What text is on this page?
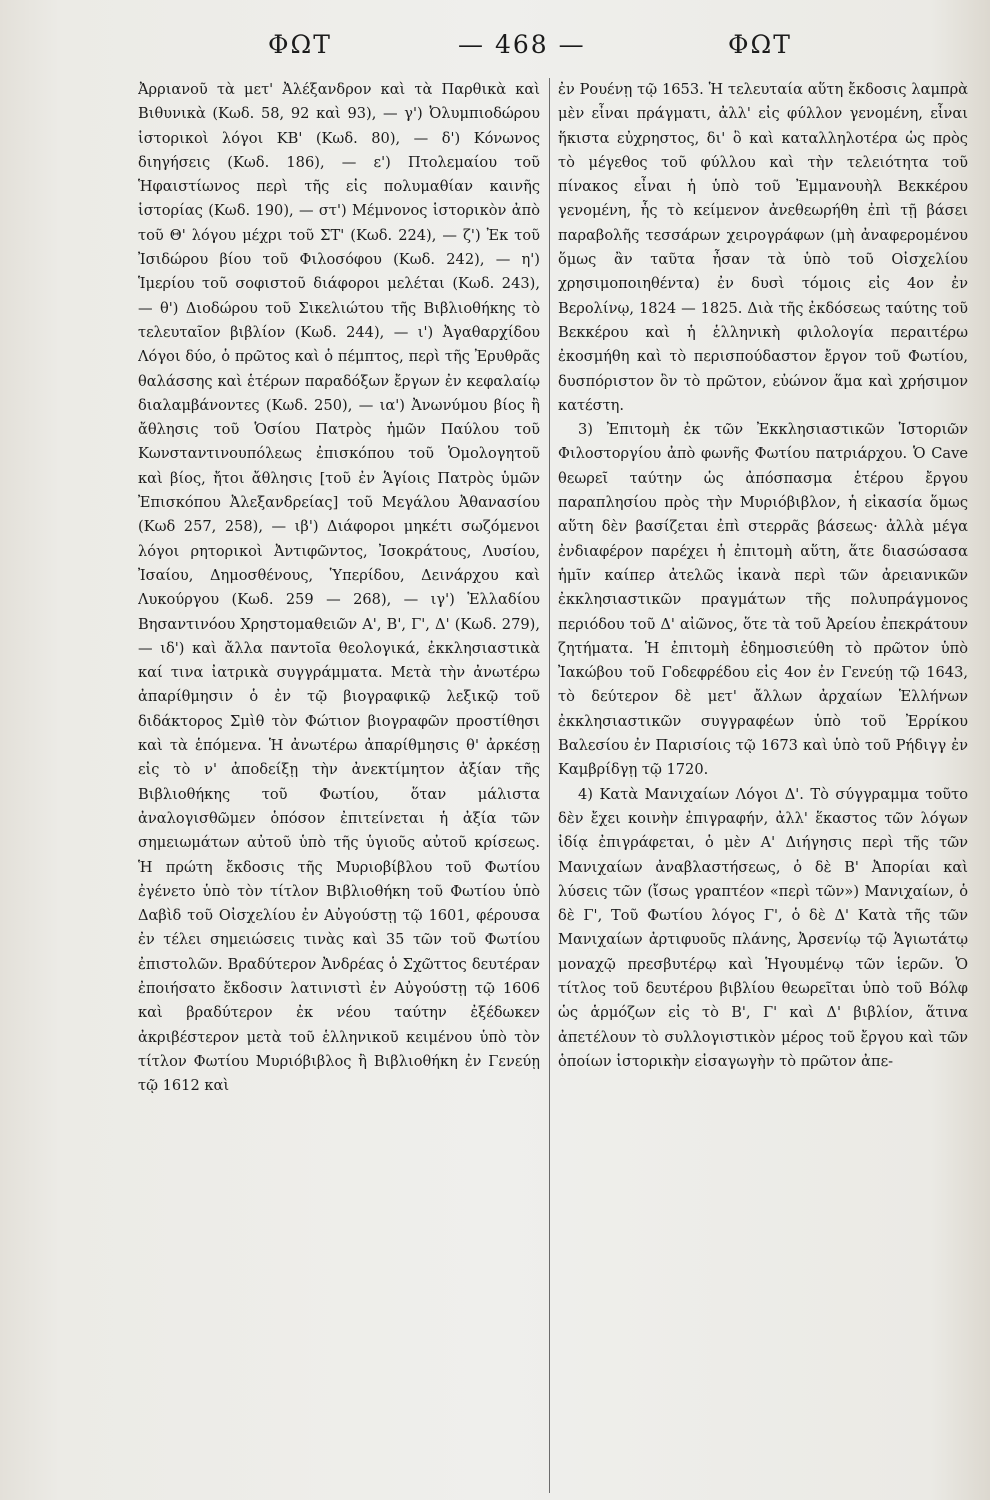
ΦΩΤ	— 468 —	ΦΩΤ

Ἀρριανοῦ τὰ μετ' Ἀλέξανδρον καὶ τὰ Παρθικὰ καὶ Βιθυνικὰ (Κωδ. 58, 92 καὶ 93), — γ') Ὀλυμπιοδώρου ἱστορικοὶ λόγοι ΚΒ' (Κωδ. 80), — δ') Κόνωνος διηγήσεις (Κωδ. 186), — ε') Πτολεμαίου τοῦ Ἡφαιστίωνος περὶ τῆς εἰς πολυμαθίαν καινῆς ἱστορίας (Κωδ. 190), — στ') Μέμνονος ἱστορικὸν ἀπὸ τοῦ Θ' λόγου μέχρι τοῦ ΣΤ' (Κωδ. 224), — ζ') Ἐκ τοῦ Ἰσιδώρου βίου τοῦ Φιλοσόφου (Κωδ. 242), — η') Ἱμερίου τοῦ σοφιστοῦ διάφοροι μελέται (Κωδ. 243), — θ') Διοδώρου τοῦ Σικελιώτου τῆς Βιβλιοθήκης τὸ τελευταῖον βιβλίον (Κωδ. 244), — ι') Ἀγαθαρχίδου Λόγοι δύο, ὁ πρῶτος καὶ ὁ πέμπτος, περὶ τῆς Ἐρυθρᾶς θαλάσσης καὶ ἑτέρων παραδόξων ἔργων ἐν κεφαλαίῳ διαλαμβάνοντες (Κωδ. 250), — ια') Ἀνωνύμου βίος ἢ ἄθλησις τοῦ Ὁσίου Πατρὸς ἡμῶν Παύλου τοῦ Κωνσταντινουπόλεως ἐπισκόπου τοῦ Ὁμολογητοῦ καὶ βίος, ἤτοι ἄθλησις [τοῦ ἐν Ἁγίοις Πατρὸς ὑμῶν Ἐπισκόπου Ἀλεξανδρείας] τοῦ Μεγάλου Ἀθανασίου (Κωδ 257, 258), — ιβ') Διάφοροι μηκέτι σωζόμενοι λόγοι ρητορικοὶ Ἀντιφῶντος, Ἰσοκράτους, Λυσίου, Ἰσαίου, Δημοσθένους, Ὑπερίδου, Δεινάρχου καὶ Λυκούργου (Κωδ. 259 — 268), — ιγ') Ἑλλαδίου Βησαντινόου Χρηστομαθειῶν Α', Β', Γ', Δ' (Κωδ. 279), — ιδ') καὶ ἄλλα παντοῖα θεολογικά, ἐκκλησιαστικὰ καί τινα ἰατρικὰ συγγράμματα. Μετὰ τὴν ἀνωτέρω ἀπαρίθμησιν ὁ ἐν τῷ βιογραφικῷ λεξικῷ τοῦ διδάκτορος Σμὶθ τὸν Φώτιον βιογραφῶν προστίθησι καὶ τὰ ἑπόμενα. Ἡ ἀνωτέρω ἀπαρίθμησις θ' ἀρκέσῃ εἰς τὸ ν' ἀποδείξῃ τὴν ἀνεκτίμητον ἀξίαν τῆς Βιβλιοθήκης τοῦ Φωτίου, ὅταν μάλιστα ἀναλογισθῶμεν ὁπόσον ἐπιτείνεται ἡ ἀξία τῶν σημειωμάτων αὐτοῦ ὑπὸ τῆς ὑγιοῦς αὐτοῦ κρίσεως. Ἡ πρώτη ἔκδοσις τῆς Μυριοβίβλου τοῦ Φωτίου ἐγένετο ὑπὸ τὸν τίτλον Βιβλιοθήκη τοῦ Φωτίου ὑπὸ Δαβὶδ τοῦ Οἰσχελίου ἐν Αὐγούστῃ τῷ 1601, φέρουσα ἐν τέλει σημειώσεις τινὰς καὶ 35 τῶν τοῦ Φωτίου ἐπιστολῶν. Βραδύτερον Ἀνδρέας ὁ Σχῶττος δευτέραν ἐποιήσατο ἔκδοσιν λατινιστὶ ἐν Αὐγούστῃ τῷ 1606 καὶ βραδύτερον ἐκ νέου ταύτην ἐξέδωκεν ἀκριβέστερον μετὰ τοῦ ἑλληνικοῦ κειμένου ὑπὸ τὸν τίτλον Φωτίου Μυριόβιβλος ἢ Βιβλιοθήκη ἐν Γενεύῃ τῷ 1612 καὶ

ἐν Ρουένῃ τῷ 1653. Ἡ τελευταία αὕτη ἔκδοσις λαμπρὰ μὲν εἶναι πράγματι, ἀλλ' εἰς φύλλον γενομένη, εἶναι ἥκιστα εὐχρηστος, δι' ὃ καὶ καταλληλοτέρα ὡς πρὸς τὸ μέγεθος τοῦ φύλλου καὶ τὴν τελειότητα τοῦ πίνακος εἶναι ἡ ὑπὸ τοῦ Ἐμμανουὴλ Βεκκέρου γενομένη, ἧς τὸ κείμενον ἀνεθεωρήθη ἐπὶ τῇ βάσει παραβολῆς τεσσάρων χειρογράφων (μὴ ἀναφερομένου ὅμως ἂν ταῦτα ἦσαν τὰ ὑπὸ τοῦ Οἰσχελίου χρησιμοποιηθέντα) ἐν δυσὶ τόμοις εἰς 4ον ἐν Βερολίνῳ, 1824 — 1825. Διὰ τῆς ἐκδόσεως ταύτης τοῦ Βεκκέρου καὶ ἡ ἑλληνικὴ φιλολογία περαιτέρω ἐκοσμήθη καὶ τὸ περισπούδαστον ἔργον τοῦ Φωτίου, δυσπόριστον ὂν τὸ πρῶτον, εὐώνον ἅμα καὶ χρήσιμον κατέστη.

3) Ἐπιτομὴ ἐκ τῶν Ἐκκλησιαστικῶν Ἱστοριῶν Φιλοστοργίου ἀπὸ φωνῆς Φωτίου πατριάρχου. Ὁ Cave θεωρεῖ ταύτην ὡς ἀπόσπασμα ἑτέρου ἔργου παραπλησίου πρὸς τὴν Μυριόβιβλον, ἡ εἰκασία ὅμως αὕτη δὲν βασίζεται ἐπὶ στερρᾶς βάσεως· ἀλλὰ μέγα ἐνδιαφέρον παρέχει ἡ ἐπιτομὴ αὕτη, ἅτε διασώσασα ἡμῖν καίπερ ἀτελῶς ἱκανὰ περὶ τῶν ἀρειανικῶν ἐκκλησιαστικῶν πραγμάτων τῆς πολυπράγμονος περιόδου τοῦ Δ' αἰῶνος, ὅτε τὰ τοῦ Ἀρείου ἐπεκράτουν ζητήματα. Ἡ ἐπιτομὴ ἐδημοσιεύθη τὸ πρῶτον ὑπὸ Ἰακώβου τοῦ Γοδεφρέδου εἰς 4ον ἐν Γενεύῃ τῷ 1643, τὸ δεύτερον δὲ μετ' ἄλλων ἀρχαίων Ἑλλήνων ἐκκλησιαστικῶν συγγραφέων ὑπὸ τοῦ Ἐρρίκου Βαλεσίου ἐν Παρισίοις τῷ 1673 καὶ ὑπὸ τοῦ Ρήδιγγ ἐν Καμβρίδγῃ τῷ 1720.

4) Κατὰ Μανιχαίων Λόγοι Δ'. Τὸ σύγγραμμα τοῦτο δὲν ἔχει κοινὴν ἐπιγραφήν, ἀλλ' ἕκαστος τῶν λόγων ἰδίᾳ ἐπιγράφεται, ὁ μὲν Α' Διήγησις περὶ τῆς τῶν Μανιχαίων ἀναβλαστήσεως, ὁ δὲ Β' Ἀπορίαι καὶ λύσεις τῶν (ἴσως γραπτέον «περὶ τῶν») Μανιχαίων, ὁ δὲ Γ', Τοῦ Φωτίου λόγος Γ', ὁ δὲ Δ' Κατὰ τῆς τῶν Μανιχαίων ἀρτιφυοῦς πλάνης, Ἀρσενίῳ τῷ Ἁγιωτάτῳ μοναχῷ πρεσβυτέρῳ καὶ Ἡγουμένῳ τῶν ἱερῶν. Ὁ τίτλος τοῦ δευτέρου βιβλίου θεωρεῖται ὑπὸ τοῦ Βόλφ ὡς ἁρμόζων εἰς τὸ Β', Γ' καὶ Δ' βιβλίον, ἅτινα ἀπετέλουν τὸ συλλογιστικὸν μέρος τοῦ ἔργου καὶ τῶν ὁποίων ἱστορικὴν εἰσαγωγὴν τὸ πρῶτον ἀπε-
